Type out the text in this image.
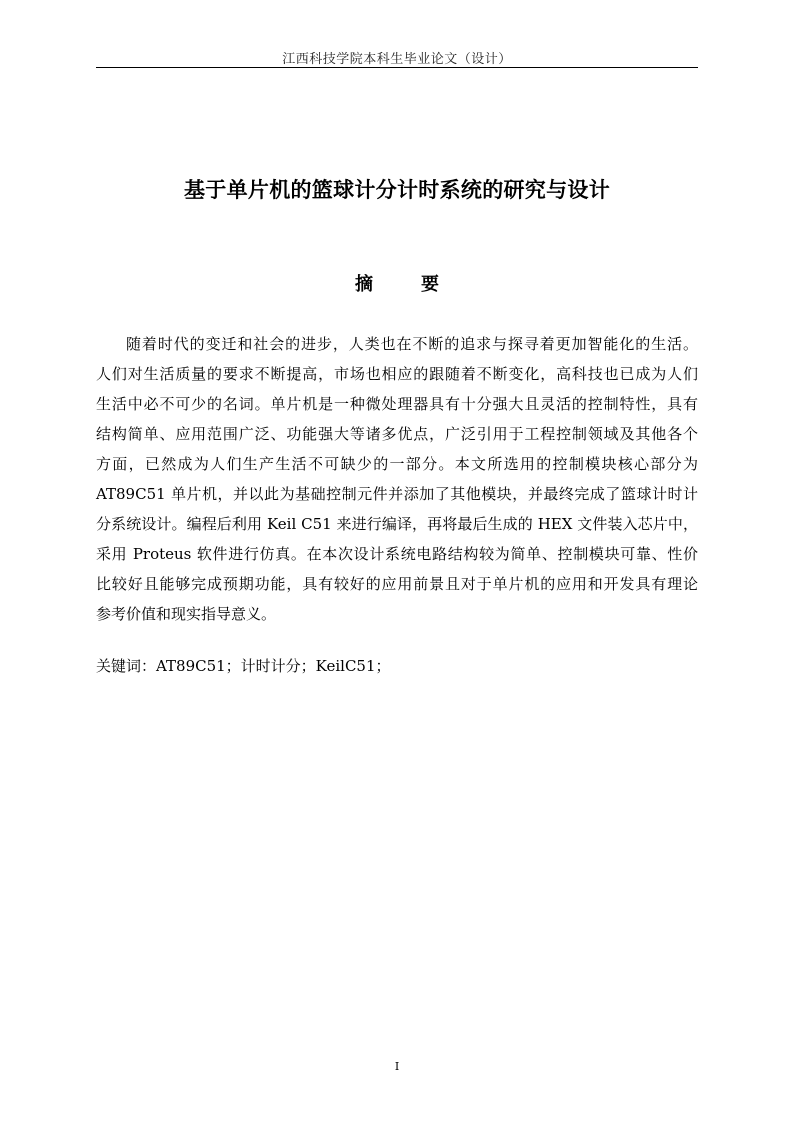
江西科技学院本科生毕业论文（设计）
基于单片机的篮球计分计时系统的研究与设计
摘	要
随着时代的变迁和社会的进步，人类也在不断的追求与探寻着更加智能化的生活。
人们对生活质量的要求不断提高，市场也相应的跟随着不断变化，高科技也已成为人们
生活中必不可少的名词。单片机是一种微处理器具有十分强大且灵活的控制特性，具有
结构简单、应用范围广泛、功能强大等诸多优点，广泛引用于工程控制领域及其他各个
方面，已然成为人们生产生活不可缺少的一部分。本文所选用的控制模块核心部分为
AT89C51 单片机，并以此为基础控制元件并添加了其他模块，并最终完成了篮球计时计
分系统设计。编程后利用 Keil C51 来进行编译，再将最后生成的 HEX 文件装入芯片中，
采用 Proteus 软件进行仿真。在本次设计系统电路结构较为简单、控制模块可靠、性价
比较好且能够完成预期功能，具有较好的应用前景且对于单片机的应用和开发具有理论
参考价值和现实指导意义。
关键词：AT89C51；计时计分；KeilC51；
I
